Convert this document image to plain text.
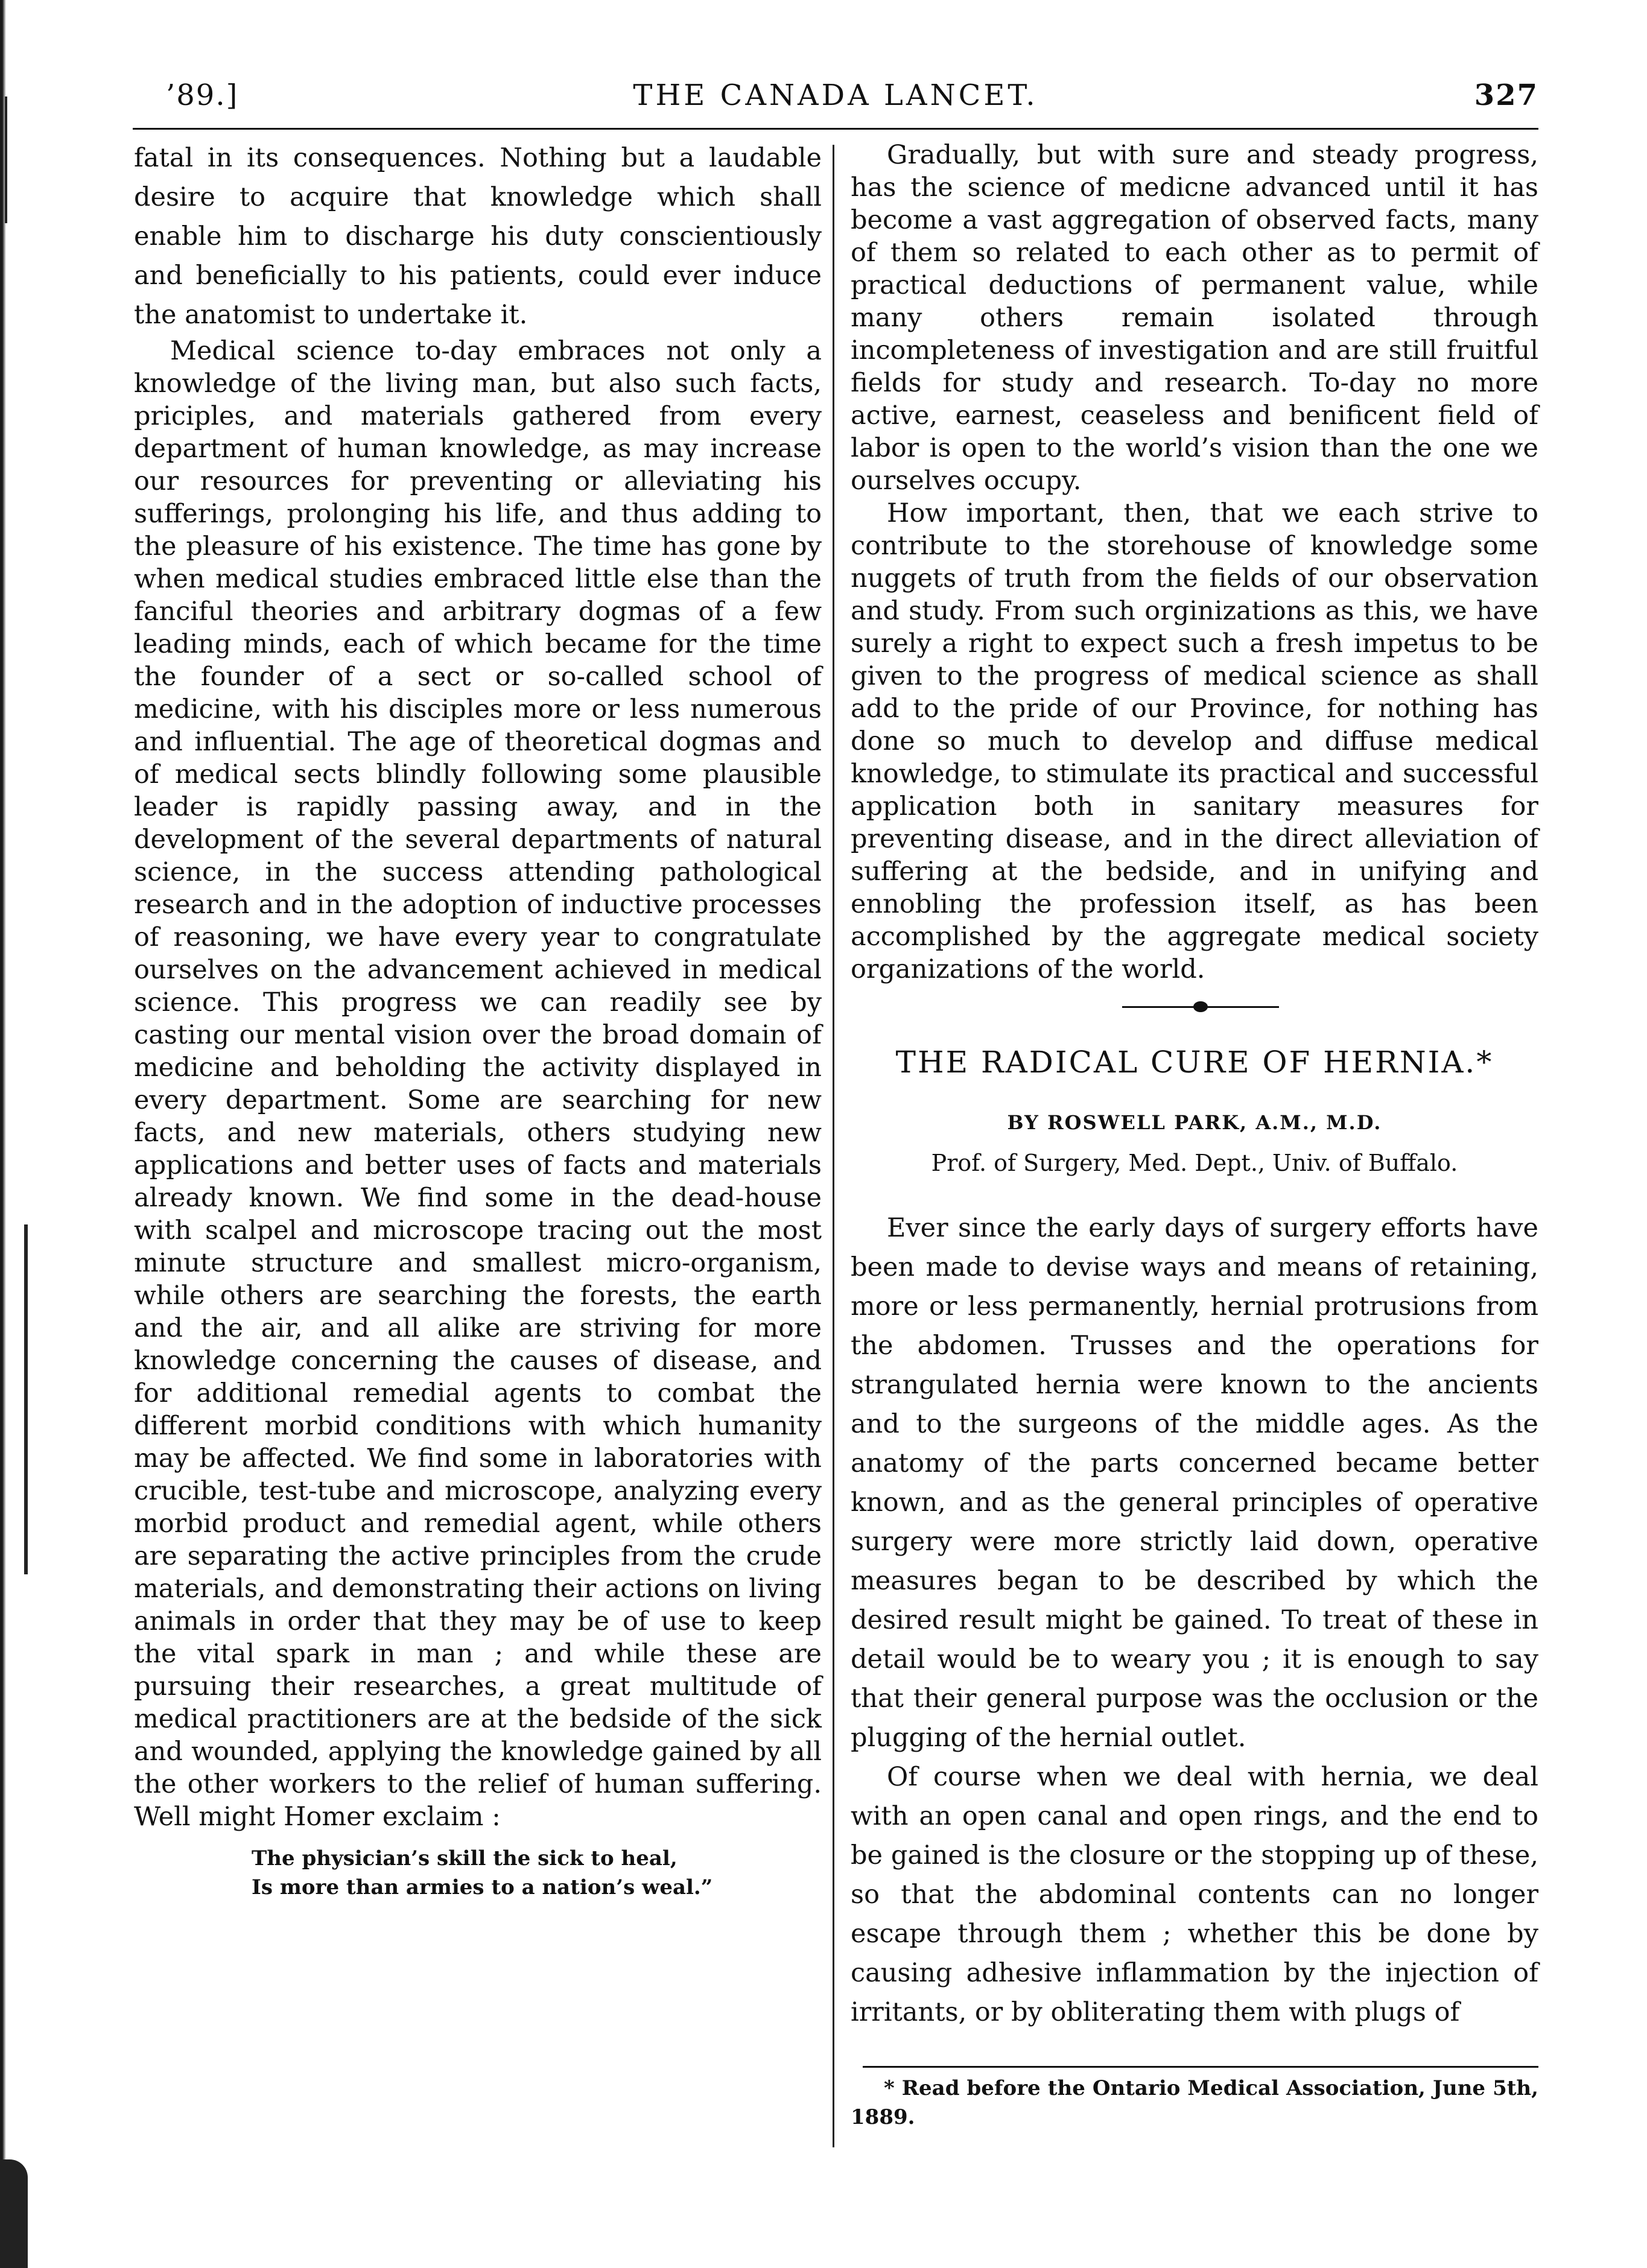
THE CANADA LANCET.
’89.]	327

fatal in its consequences. Nothing but a laudable desire to acquire that knowledge which shall enable him to discharge his duty conscientiously and beneficially to his patients, could ever induce the anatomist to undertake it.

Medical science to-day embraces not only a knowledge of the living man, but also such facts, priciples, and materials gathered from every department of human knowledge, as may increase our resources for preventing or alleviating his sufferings, prolonging his life, and thus adding to the pleasure of his existence. The time has gone by when medical studies embraced little else than the fanciful theories and arbitrary dogmas of a few leading minds, each of which became for the time the founder of a sect or so-called school of medicine, with his disciples more or less numerous and influential. The age of theoretical dogmas and of medical sects blindly following some plausible leader is rapidly passing away, and in the development of the several departments of natural science, in the success attending pathological research and in the adoption of inductive processes of reasoning, we have every year to congratulate ourselves on the advancement achieved in medical science. This progress we can readily see by casting our mental vision over the broad domain of medicine and beholding the activity displayed in every department. Some are searching for new facts, and new materials, others studying new applications and better uses of facts and materials already known. We find some in the dead-house with scalpel and microscope tracing out the most minute structure and smallest micro-organism, while others are searching the forests, the earth and the air, and all alike are striving for more knowledge concerning the causes of disease, and for additional remedial agents to combat the different morbid conditions with which humanity may be affected. We find some in laboratories with crucible, test-tube and microscope, analyzing every morbid product and remedial agent, while others are separating the active principles from the crude materials, and demonstrating their actions on living animals in order that they may be of use to keep the vital spark in man ; and while these are pursuing their researches, a great multitude of medical practitioners are at the bedside of the sick and wounded, applying the knowledge gained by all the other workers to the relief of human suffering. Well might Homer exclaim :

The physician’s skill the sick to heal,
Is more than armies to a nation’s weal.”

Gradually, but with sure and steady progress, has the science of medicne advanced until it has become a vast aggregation of observed facts, many of them so related to each other as to permit of practical deductions of permanent value, while many others remain isolated through incompleteness of investigation and are still fruitful fields for study and research. To-day no more active, earnest, ceaseless and benificent field of labor is open to the world’s vision than the one we ourselves occupy.

How important, then, that we each strive to contribute to the storehouse of knowledge some nuggets of truth from the fields of our observation and study. From such orginizations as this, we have surely a right to expect such a fresh impetus to be given to the progress of medical science as shall add to the pride of our Province, for nothing has done so much to develop and diffuse medical knowledge, to stimulate its practical and successful application both in sanitary measures for preventing disease, and in the direct alleviation of suffering at the bedside, and in unifying and ennobling the profession itself, as has been accomplished by the aggregate medical society organizations of the world.

THE RADICAL CURE OF HERNIA.*
BY ROSWELL PARK, A.M., M.D.
Prof. of Surgery, Med. Dept., Univ. of Buffalo.

Ever since the early days of surgery efforts have been made to devise ways and means of retaining, more or less permanently, hernial protrusions from the abdomen. Trusses and the operations for strangulated hernia were known to the ancients and to the surgeons of the middle ages. As the anatomy of the parts concerned became better known, and as the general principles of operative surgery were more strictly laid down, operative measures began to be described by which the desired result might be gained. To treat of these in detail would be to weary you ; it is enough to say that their general purpose was the occlusion or the plugging of the hernial outlet.

Of course when we deal with hernia, we deal with an open canal and open rings, and the end to be gained is the closure or the stopping up of these, so that the abdominal contents can no longer escape through them ; whether this be done by causing adhesive inflammation by the injection of irritants, or by obliterating them with plugs of

* Read before the Ontario Medical Association, June 5th, 1889.
